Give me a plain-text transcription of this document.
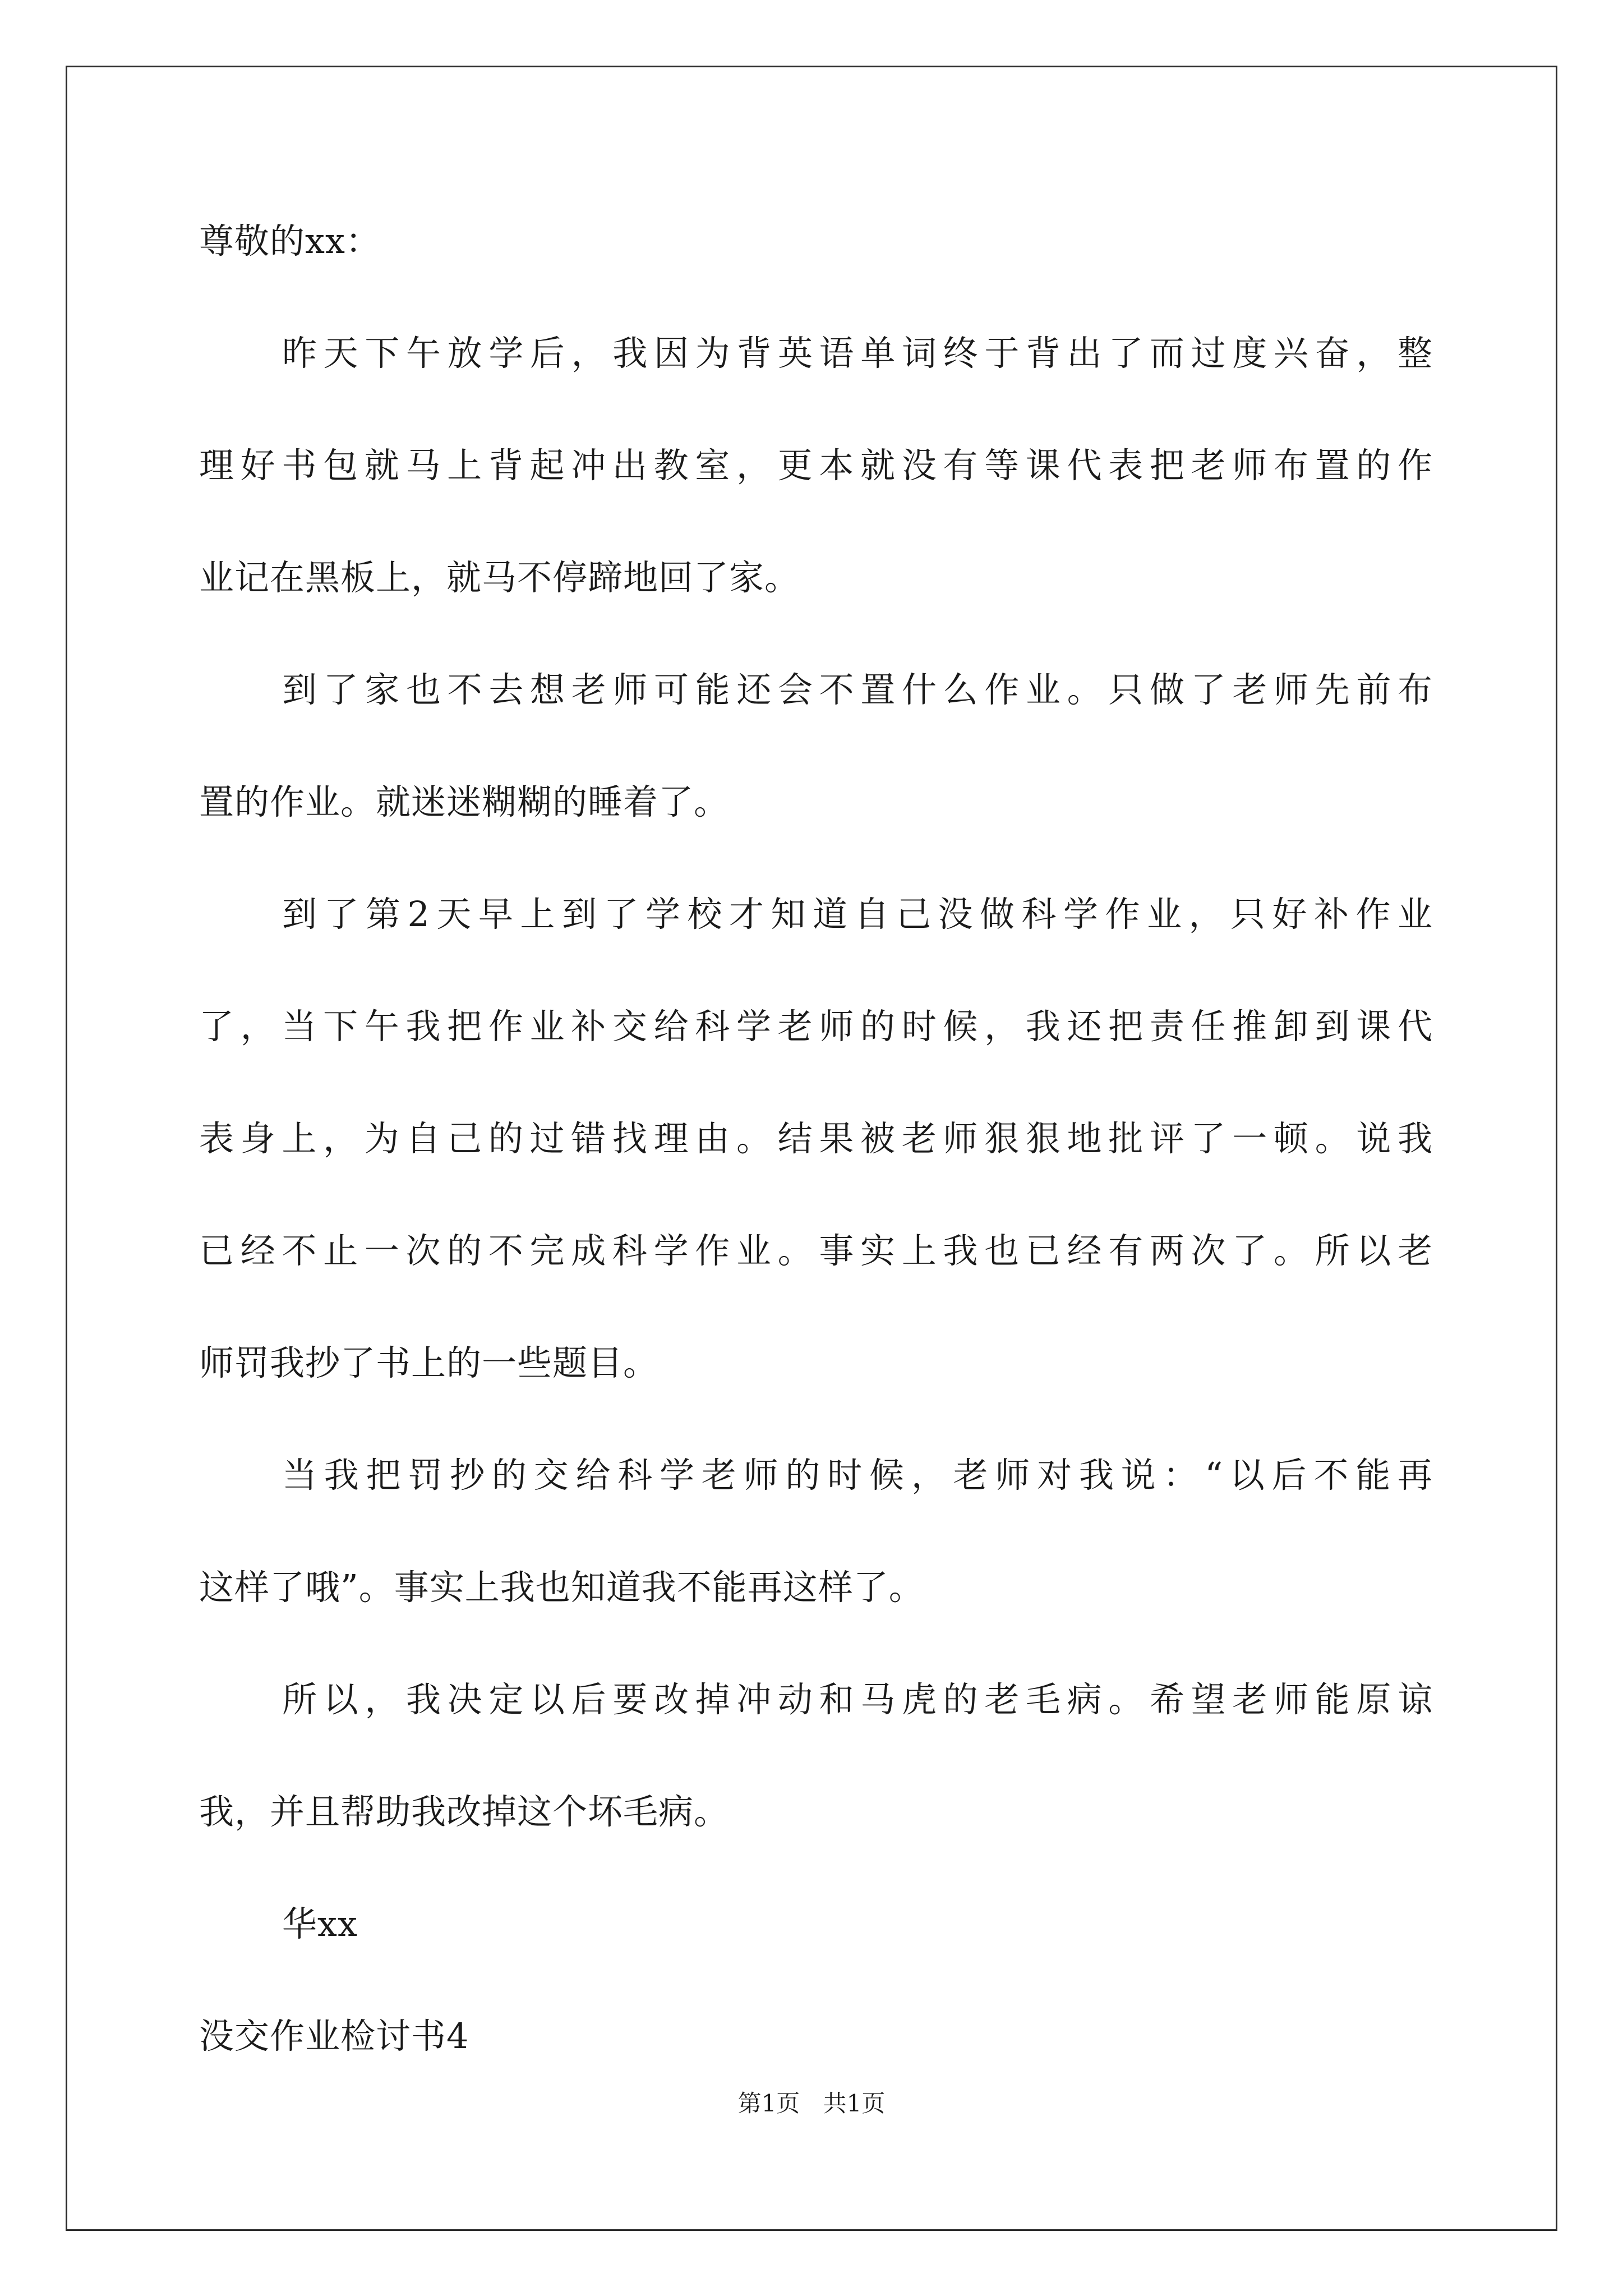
尊敬的xx：
昨天下午放学后，我因为背英语单词终于背出了而过度兴奋，整
理好书包就马上背起冲出教室，更本就没有等课代表把老师布置的作
业记在黑板上，就马不停蹄地回了家。
到了家也不去想老师可能还会不置什么作业。只做了老师先前布
置的作业。就迷迷糊糊的睡着了。
到了第2天早上到了学校才知道自己没做科学作业，只好补作业
了，当下午我把作业补交给科学老师的时候，我还把责任推卸到课代
表身上，为自己的过错找理由。结果被老师狠狠地批评了一顿。说我
已经不止一次的不完成科学作业。事实上我也已经有两次了。所以老
师罚我抄了书上的一些题目。
当我把罚抄的交给科学老师的时候，老师对我说：“以后不能再
这样了哦”。事实上我也知道我不能再这样了。
所以，我决定以后要改掉冲动和马虎的老毛病。希望老师能原谅
我，并且帮助我改掉这个坏毛病。
华xx
没交作业检讨书4
第1页 共1页
